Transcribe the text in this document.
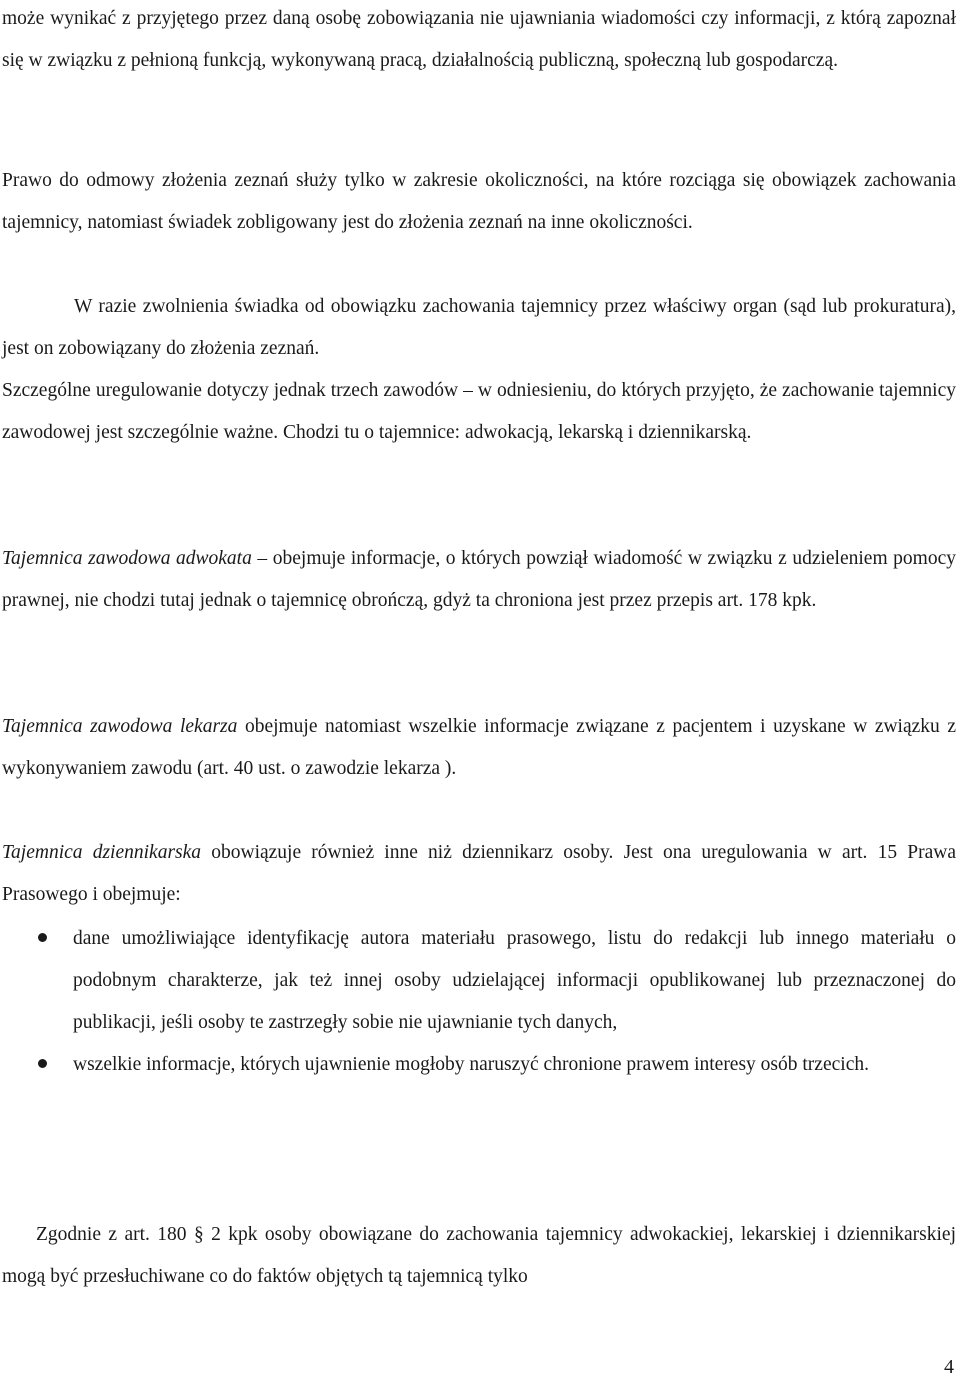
może wynikać z przyjętego przez daną osobę zobowiązania nie ujawniania wiadomości czy informacji, z którą zapoznał się w związku z pełnioną funkcją, wykonywaną pracą, działalnością publiczną, społeczną lub gospodarczą.

Prawo do odmowy złożenia zeznań służy tylko w zakresie okoliczności, na które rozciąga się obowiązek zachowania tajemnicy, natomiast świadek zobligowany jest do złożenia zeznań na inne okoliczności.

W razie zwolnienia świadka od obowiązku zachowania tajemnicy przez właściwy organ (sąd lub prokuratura), jest on zobowiązany do złożenia zeznań.

Szczególne uregulowanie dotyczy jednak trzech zawodów – w odniesieniu, do których przyjęto, że zachowanie tajemnicy zawodowej jest szczególnie ważne. Chodzi tu o tajemnice: adwokacją, lekarską i dziennikarską.

Tajemnica zawodowa adwokata – obejmuje informacje, o których powziął wiadomość w związku z udzieleniem pomocy prawnej, nie chodzi tutaj jednak o tajemnicę obrończą, gdyż ta chroniona jest przez przepis art. 178 kpk.

Tajemnica zawodowa lekarza obejmuje natomiast wszelkie informacje związane z pacjentem i uzyskane w związku z wykonywaniem zawodu (art. 40 ust. o zawodzie lekarza ).

Tajemnica dziennikarska obowiązuje również inne niż dziennikarz osoby. Jest ona uregulowania w art. 15 Prawa Prasowego i obejmuje:

dane umożliwiające identyfikację autora materiału prasowego, listu do redakcji lub innego materiału o podobnym charakterze, jak też innej osoby udzielającej informacji opublikowanej lub przeznaczonej do publikacji, jeśli osoby te zastrzegły sobie nie ujawnianie tych danych,
wszelkie informacje, których ujawnienie mogłoby naruszyć chronione prawem interesy osób trzecich.

Zgodnie z art. 180 § 2 kpk osoby obowiązane do zachowania tajemnicy adwokackiej, lekarskiej i dziennikarskiej mogą być przesłuchiwane co do faktów objętych tą tajemnicą tylko

4
